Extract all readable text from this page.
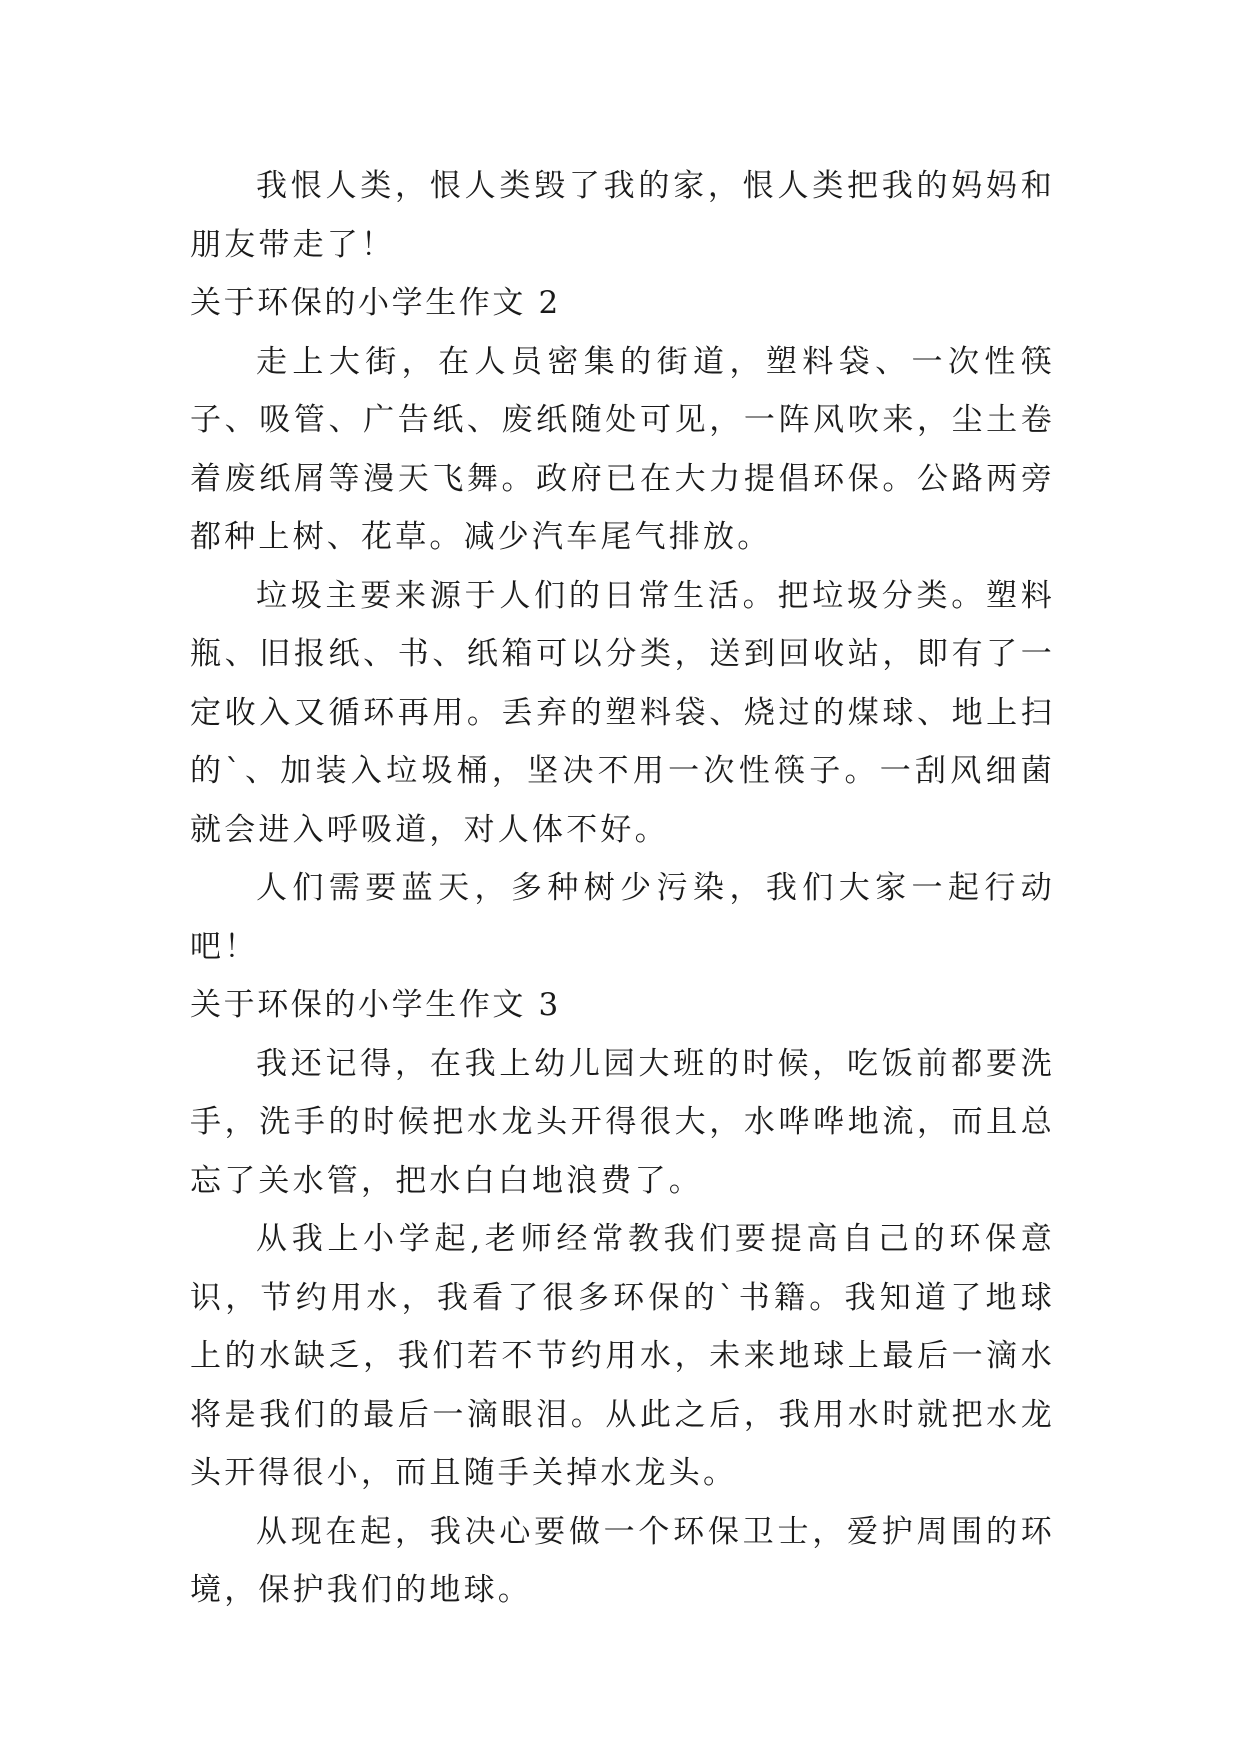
我恨人类，恨人类毁了我的家，恨人类把我的妈妈和朋友带走了！

关于环保的小学生作文 2

走上大街，在人员密集的街道，塑料袋、一次性筷子、吸管、广告纸、废纸随处可见，一阵风吹来，尘土卷着废纸屑等漫天飞舞。政府已在大力提倡环保。公路两旁都种上树、花草。减少汽车尾气排放。

垃圾主要来源于人们的日常生活。把垃圾分类。塑料瓶、旧报纸、书、纸箱可以分类，送到回收站，即有了一定收入又循环再用。丢弃的塑料袋、烧过的煤球、地上扫的`、加装入垃圾桶，坚决不用一次性筷子。一刮风细菌就会进入呼吸道，对人体不好。

人们需要蓝天，多种树少污染，我们大家一起行动吧！

关于环保的小学生作文 3

我还记得，在我上幼儿园大班的时候，吃饭前都要洗手，洗手的时候把水龙头开得很大，水哗哗地流，而且总忘了关水管，把水白白地浪费了。

从我上小学起,老师经常教我们要提高自己的环保意识，节约用水，我看了很多环保的`书籍。我知道了地球上的水缺乏，我们若不节约用水，未来地球上最后一滴水将是我们的最后一滴眼泪。从此之后，我用水时就把水龙头开得很小，而且随手关掉水龙头。

从现在起，我决心要做一个环保卫士，爱护周围的环境，保护我们的地球。
